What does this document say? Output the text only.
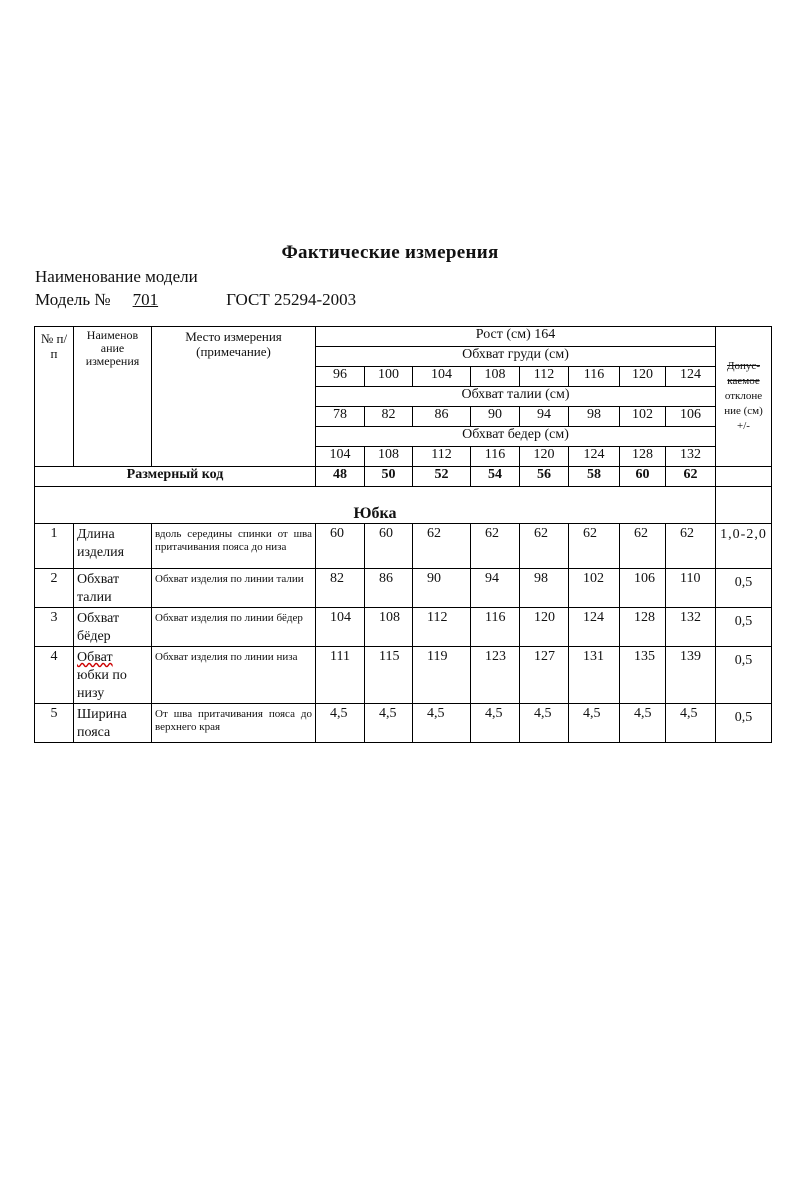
Фактические измерения
Наименование модели
Модель № 701	ГОСТ 25294-2003
№ п/п	Наименов ание измерения	Место измерения (примечание)	Рост (см) 164								Допус-
каемое
отклоне ние (см) +/-

			Обхват груди (см)								
			96	100	104	108	112	116	120	124	
			Обхват талии (см)								
			78	82	86	90	94	98	102	106	
			Обхват бедер (см)								
			104	108	112	116	120	124	128	132	
Размерный код			48	50	52	54	56	58	60	62	
Юбка											
1	Длина изделия	вдоль середины спинки от шва притачивания пояса до низа	60	60	62	62	62	62	62	62	1,0-2,0
2	Обхват талии	Обхват изделия по линии талии	82	86	90	94	98	102	106	110	0,5
3	Обхват бёдер	Обхват изделия по линии бёдер	104	108	112	116	120	124	128	132	0,5
4	Обват юбки по низу	Обхват изделия по линии низа	111	115	119	123	127	131	135	139	0,5
5	Ширина пояса	От шва притачивания пояса до верхнего края	4,5	4,5	4,5	4,5	4,5	4,5	4,5	4,5	0,5
